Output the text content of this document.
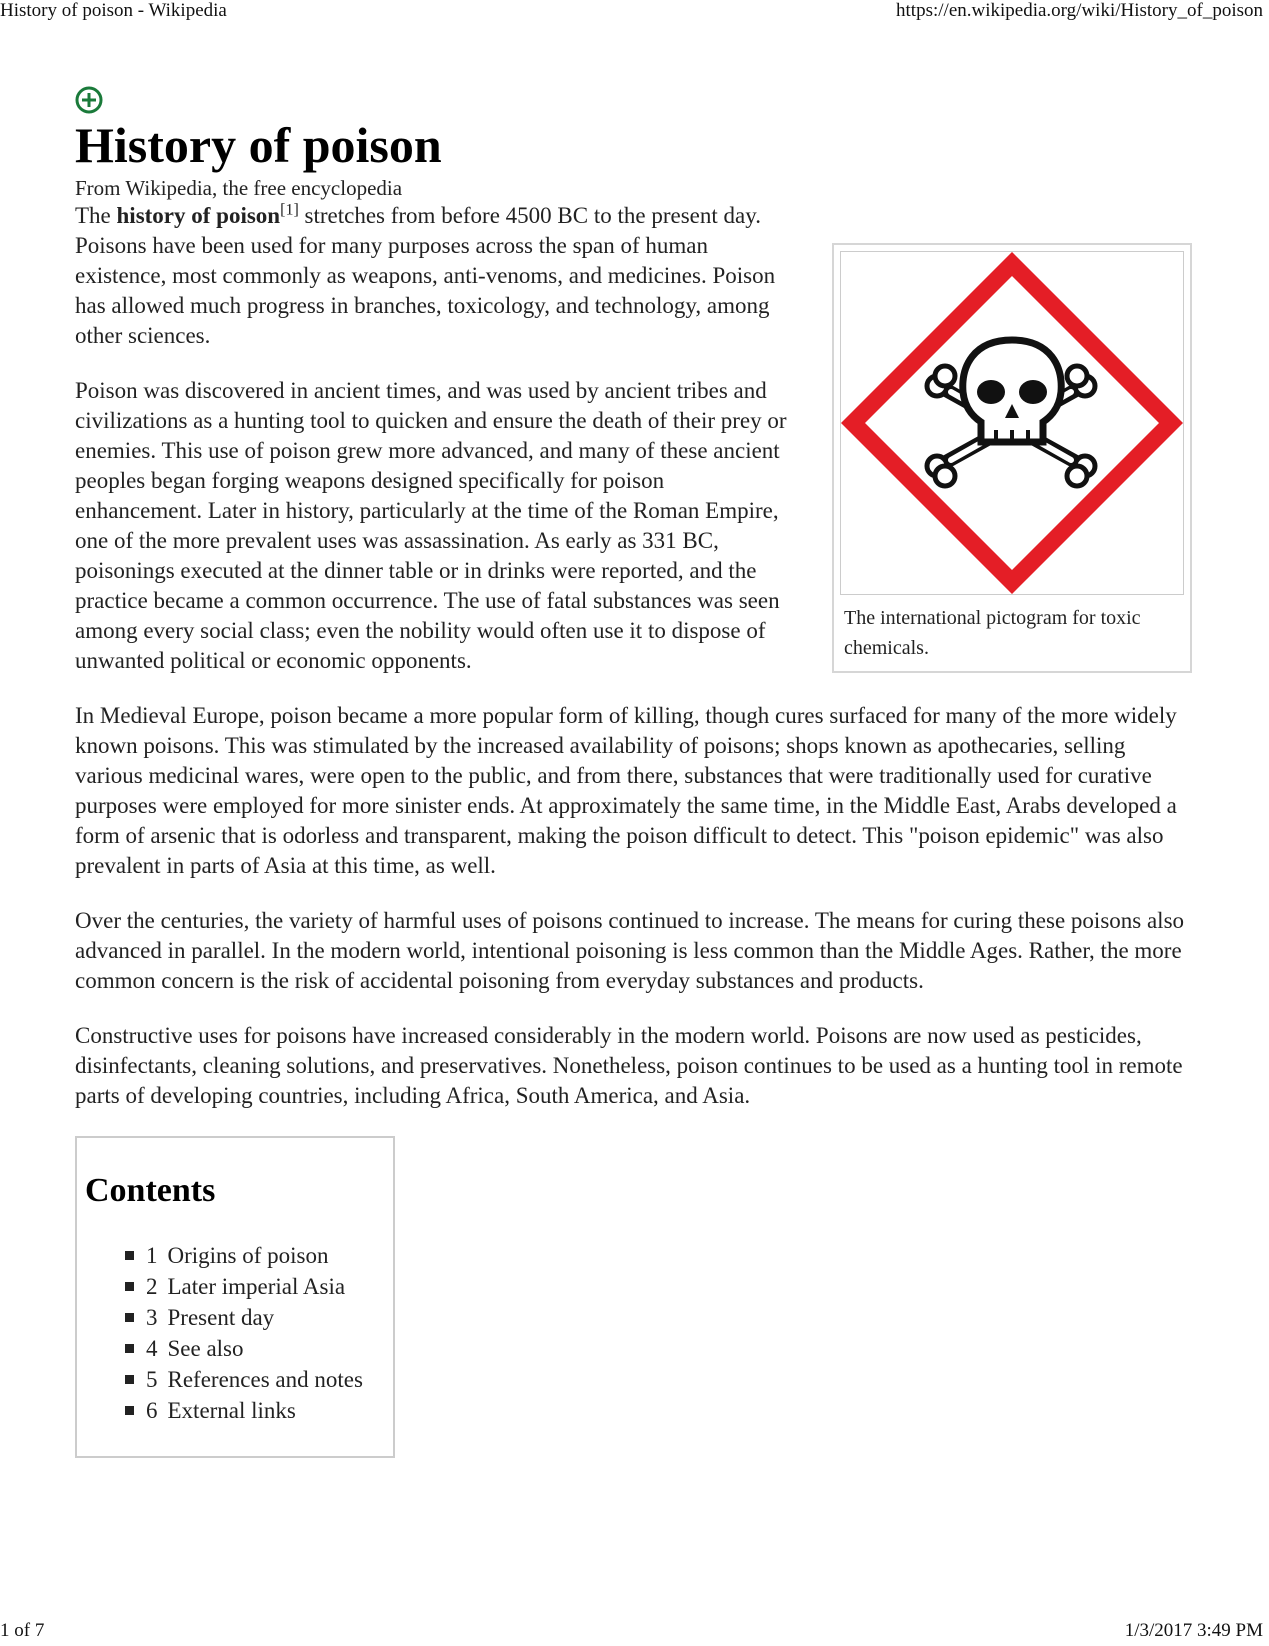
History of poison - Wikipedia	https://en.wikipedia.org/wiki/History_of_poison
History of poison
From Wikipedia, the free encyclopedia

The history of poison[1] stretches from before 4500 BC to the present day. Poisons have been used for many purposes across the span of human existence, most commonly as weapons, anti-venoms, and medicines. Poison has allowed much progress in branches, toxicology, and technology, among other sciences.

Poison was discovered in ancient times, and was used by ancient tribes and civilizations as a hunting tool to quicken and ensure the death of their prey or enemies. This use of poison grew more advanced, and many of these ancient peoples began forging weapons designed specifically for poison enhancement. Later in history, particularly at the time of the Roman Empire, one of the more prevalent uses was assassination. As early as 331 BC, poisonings executed at the dinner table or in drinks were reported, and the practice became a common occurrence. The use of fatal substances was seen among every social class; even the nobility would often use it to dispose of unwanted political or economic opponents.

In Medieval Europe, poison became a more popular form of killing, though cures surfaced for many of the more widely known poisons. This was stimulated by the increased availability of poisons; shops known as apothecaries, selling various medicinal wares, were open to the public, and from there, substances that were traditionally used for curative purposes were employed for more sinister ends. At approximately the same time, in the Middle East, Arabs developed a form of arsenic that is odorless and transparent, making the poison difficult to detect. This "poison epidemic" was also prevalent in parts of Asia at this time, as well.

Over the centuries, the variety of harmful uses of poisons continued to increase. The means for curing these poisons also advanced in parallel. In the modern world, intentional poisoning is less common than the Middle Ages. Rather, the more common concern is the risk of accidental poisoning from everyday substances and products.

Constructive uses for poisons have increased considerably in the modern world. Poisons are now used as pesticides, disinfectants, cleaning solutions, and preservatives. Nonetheless, poison continues to be used as a hunting tool in remote parts of developing countries, including Africa, South America, and Asia.

Contents
1 Origins of poison
2 Later imperial Asia
3 Present day
4 See also
5 References and notes
6 External links
The international pictogram for toxic chemicals.
1 of 7	1/3/2017 3:49 PM
